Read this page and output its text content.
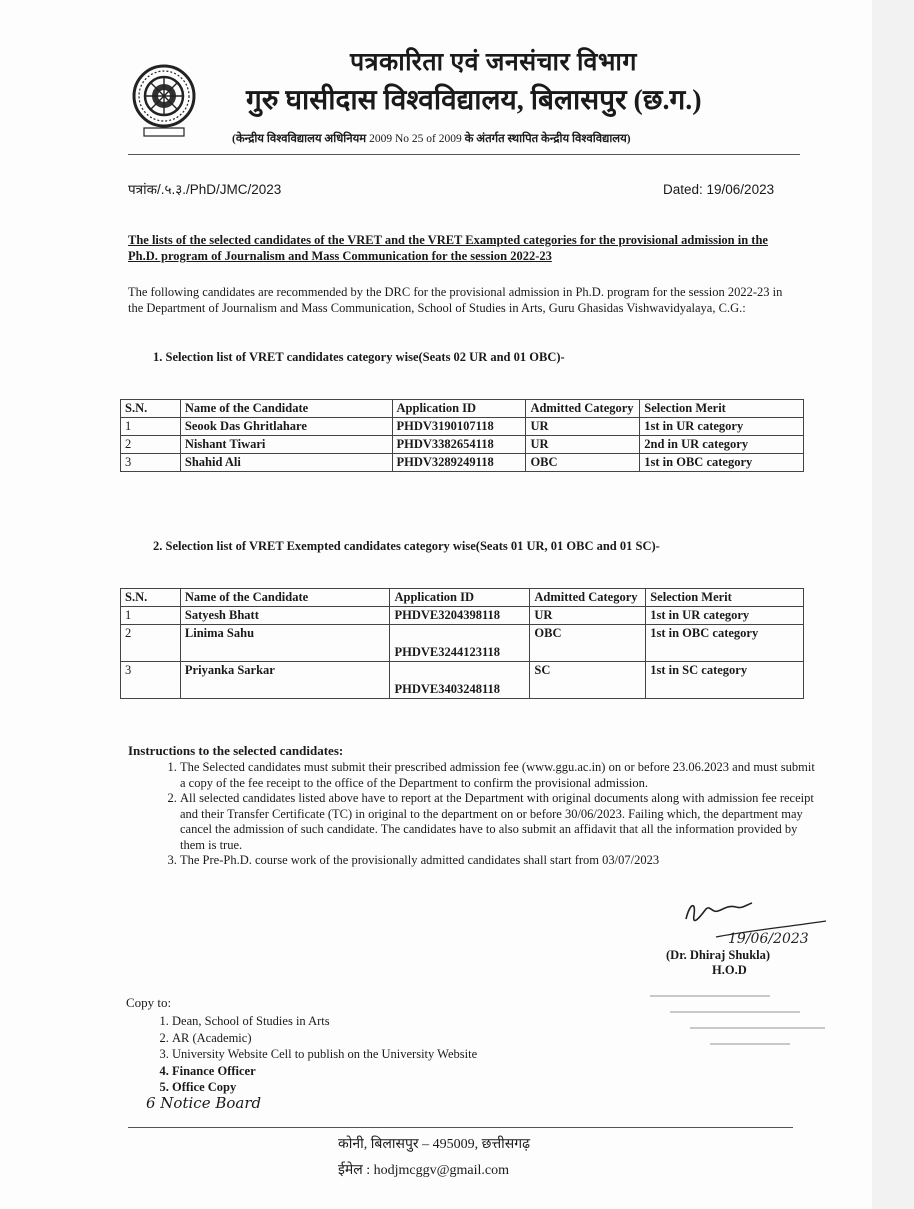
पत्रकारिता एवं जनसंचार विभाग
गुरु घासीदास विश्वविद्यालय, बिलासपुर (छ.ग.)
(केन्द्रीय विश्वविद्यालय अधिनियम 2009 No 25 of 2009 के अंतर्गत स्थापित केन्द्रीय विश्वविद्यालय)
पत्रांक/.५.३./PhD/JMC/2023	Dated: 19/06/2023
The lists of the selected candidates of the VRET and the VRET Exampted categories for the provisional admission in the Ph.D. program of Journalism and Mass Communication for the session 2022-23
The following candidates are recommended by the DRC for the provisional admission in Ph.D. program for the session 2022-23 in the Department of Journalism and Mass Communication, School of Studies in Arts, Guru Ghasidas Vishwavidyalaya, C.G.:
1. Selection list of VRET candidates category wise(Seats 02 UR and 01 OBC)-
S.N.	Name of the Candidate	Application ID	Admitted Category	Selection Merit
1	Seook Das Ghritlahare	PHDV3190107118	UR	1st in UR category
2	Nishant Tiwari	PHDV3382654118	UR	2nd in UR category
3	Shahid Ali	PHDV3289249118	OBC	1st in OBC category
2. Selection list of VRET Exempted candidates category wise(Seats 01 UR, 01 OBC and 01 SC)-
S.N.	Name of the Candidate	Application ID	Admitted Category	Selection Merit
1	Satyesh Bhatt	PHDVE3204398118	UR	1st in UR category
2	Linima Sahu	PHDVE3244123118	OBC	1st in OBC category
3	Priyanka Sarkar	PHDVE3403248118	SC	1st in SC category
Instructions to the selected candidates:
1. The Selected candidates must submit their prescribed admission fee (www.ggu.ac.in) on or before 23.06.2023 and must submit a copy of the fee receipt to the office of the Department to confirm the provisional admission.
2. All selected candidates listed above have to report at the Department with original documents along with admission fee receipt and their Transfer Certificate (TC) in original to the department on or before 30/06/2023. Failing which, the department may cancel the admission of such candidate. The candidates have to also submit an affidavit that all the information provided by them is true.
3. The Pre-Ph.D. course work of the provisionally admitted candidates shall start from 03/07/2023
19/06/2023
(Dr. Dhiraj Shukla)
H.O.D
Copy to:
1. Dean, School of Studies in Arts
2. AR (Academic)
3. University Website Cell to publish on the University Website
4. Finance Officer
5. Office Copy
6 Notice Board
कोनी, बिलासपुर – 495009, छत्तीसगढ़
ईमेल : hodjmcggv@gmail.com
